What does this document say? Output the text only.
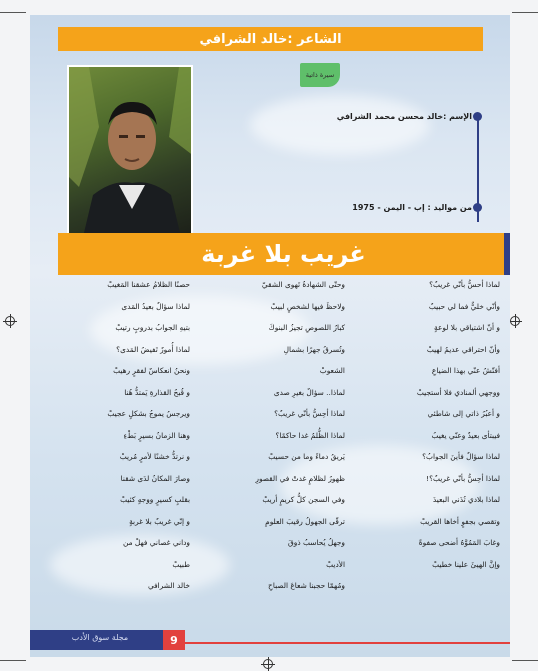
الشاعر :خالد الشرافي
سيرة ذاتية
الإسم :خالد محسن محمد الشرافي
من مواليد : إب - اليمن - 1975
غريب بلا غربة
لماذا أحسُّ بأنّي غريبٌ؟
وأنّي خليٌّ فما لي حبيبٌ
و أنّ اشتياقي بلا لوعةٍ
وأنّ احتراقي عديمُ لهيبْ
أفتّشُ عنّي بهذا الضياعِ
ووجهي ألمنادي فلا أستجيبْ
و أعبُرُ ذاتي إلى شاطئي
فيبتأى بعيدٌ وعنّي يغيبُ
لماذا سؤالٌ فأينَ الجوابُ؟
لماذا أحِسُّ بأنّي غريبٌ؟!
لماذا بلادي تُدَني البعيدَ
وتقصي بجفوٍ أخاها القريبْ
وغابَ المَمُوَّهُ أضحى صفوةً
وإنَّ الهيئَ علينا خطيبْ
وحتّى الشهادةُ تَهوى الشقيّ
ولاحظَ فيها لشخصٍ لبيبْ
كبارُ اللصوصِ تجيزُ البنوكَ
وتُسرقُ جهرًا بشمالِ
الشعوبْ
لماذا.. سؤالٌ بغيرِ صدى
لماذا أحِسُّ بأنّي غريبٌ؟
لماذا الظُّلمُ غدا حاكمًا؟
يَريقُ دماءً وما من حسيبْ
ظهورُ لظلامٍ غدتْ في القصورِ
وفي السجن كلُّ كريمٍ أريبْ
ترقّى الجهولُ رقيبَ العلومِ
وجهلُ يُحاسبُ ذوقَ
الأديبْ
ومُهمّا حجبنا شعاعَ الصباحِ
حصنًا الظلامُ عشقنا المَغيبْ
لماذا سؤالٌ بعيدُ المَدى
بتيهِ الجوابُ بدروبٍ رتيبْ
لماذا أُمورٌ تَفيضُ المَدى؟
ونحنُ انعكاسٌ لفقرٍ رهيبْ
و قُبحُ القذارةِ يَمتدُّ هُنا
ويرجسُ يموجُ بشكلٍ عجيبْ
وهنا الزمانُ بسيرٍ بَطْءِ
و نرتدُّ خشنًا لأمرٍ مُريبْ
وصارَ المكانُ لدَى شقنا
بقلبٍ كسيرٍ ووجهٍ كئيبْ
و إنّي غريبٌ بلا غربةٍ
وداني غصاني فهلْ من
طبيبْ
خالد الشرافي
مجلة سوق الأدب	9
